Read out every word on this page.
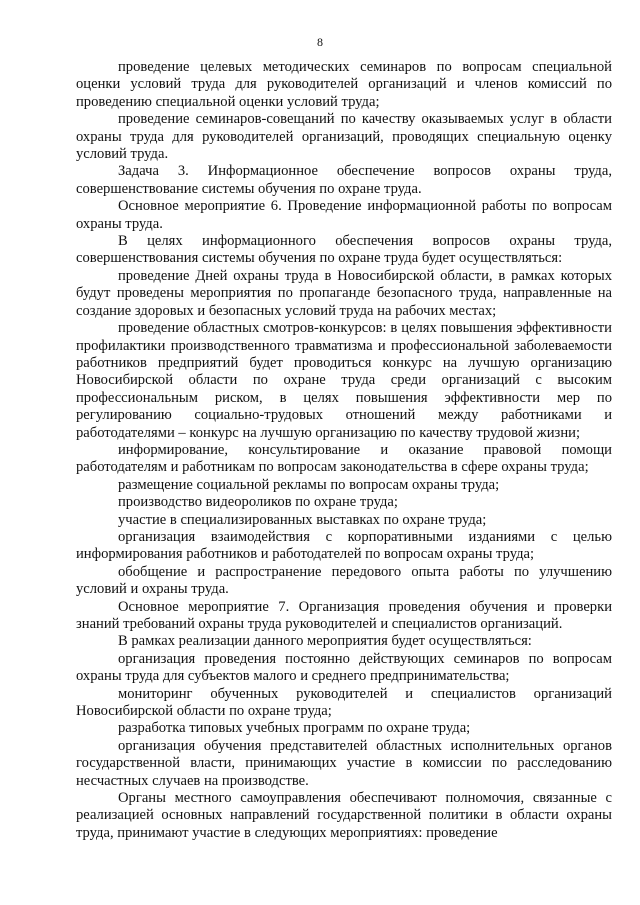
8

проведение целевых методических семинаров по вопросам специальной оценки условий труда для руководителей организаций и членов комиссий по проведению специальной оценки условий труда;

проведение семинаров-совещаний по качеству оказываемых услуг в области охраны труда для руководителей организаций, проводящих специальную оценку условий труда.

Задача 3. Информационное обеспечение вопросов охраны труда, совершенствование системы обучения по охране труда.

Основное мероприятие 6. Проведение информационной работы по вопросам охраны труда.

В целях информационного обеспечения вопросов охраны труда, совершенствования системы обучения по охране труда будет осуществляться:

проведение Дней охраны труда в Новосибирской области, в рамках которых будут проведены мероприятия по пропаганде безопасного труда, направленные на создание здоровых и безопасных условий труда на рабочих местах;

проведение областных смотров-конкурсов: в целях повышения эффективности профилактики производственного травматизма и профессиональной заболеваемости работников предприятий будет проводиться конкурс на лучшую организацию Новосибирской области по охране труда среди организаций с высоким профессиональным риском, в целях повышения эффективности мер по регулированию социально-трудовых отношений между работниками и работодателями – конкурс на лучшую организацию по качеству трудовой жизни;

информирование, консультирование и оказание правовой помощи работодателям и работникам по вопросам законодательства в сфере охраны труда;

размещение социальной рекламы по вопросам охраны труда;

производство видеороликов по охране труда;

участие в специализированных выставках по охране труда;

организация взаимодействия с корпоративными изданиями с целью информирования работников и работодателей по вопросам охраны труда;

обобщение и распространение передового опыта работы по улучшению условий и охраны труда.

Основное мероприятие 7. Организация проведения обучения и проверки знаний требований охраны труда руководителей и специалистов организаций.

В рамках реализации данного мероприятия будет осуществляться:

организация проведения постоянно действующих семинаров по вопросам охраны труда для субъектов малого и среднего предпринимательства;

мониторинг обученных руководителей и специалистов организаций Новосибирской области по охране труда;

разработка типовых учебных программ по охране труда;

организация обучения представителей областных исполнительных органов государственной власти, принимающих участие в комиссии по расследованию несчастных случаев на производстве.

Органы местного самоуправления обеспечивают полномочия, связанные с реализацией основных направлений государственной политики в области охраны труда, принимают участие в следующих мероприятиях: проведение
